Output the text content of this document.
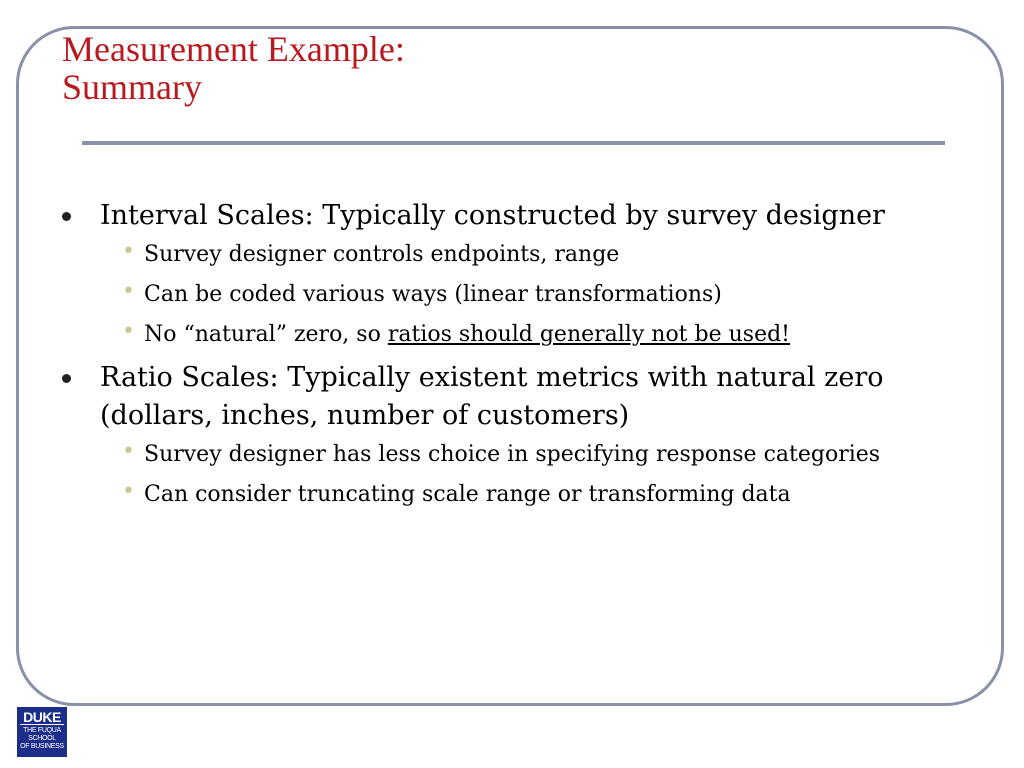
Measurement Example:
Summary
Interval Scales: Typically constructed by survey designer
• Survey designer controls endpoints, range
• Can be coded various ways (linear transformations)
• No “natural” zero, so ratios should generally not be used!
Ratio Scales: Typically existent metrics with natural zero (dollars, inches, number of customers)
• Survey designer has less choice in specifying response categories
• Can consider truncating scale range or transforming data
DUKE
THE FUQUA
SCHOOL
OF BUSINESS
